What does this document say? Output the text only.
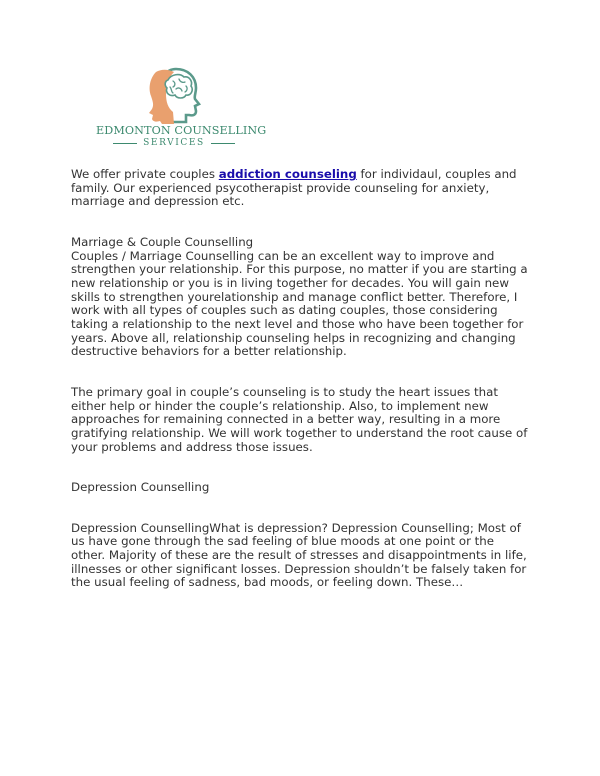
EDMONTON COUNSELLING
SERVICES

We offer private couples addiction counseling for individaul, couples and family. Our experienced psycotherapist provide counseling for anxiety, marriage and depression etc.

Marriage & Couple Counselling

Couples / Marriage Counselling can be an excellent way to improve and strengthen your relationship. For this purpose, no matter if you are starting a new relationship or you is in living together for decades. You will gain new skills to strengthen yourelationship and manage conflict better. Therefore, I work with all types of couples such as dating couples, those considering taking a relationship to the next level and those who have been together for years. Above all, relationship counseling helps in recognizing and changing destructive behaviors for a better relationship.

The primary goal in couple’s counseling is to study the heart issues that either help or hinder the couple’s relationship. Also, to implement new approaches for remaining connected in a better way, resulting in a more gratifying relationship. We will work together to understand the root cause of your problems and address those issues.

Depression Counselling

Depression CounsellingWhat is depression? Depression Counselling; Most of us have gone through the sad feeling of blue moods at one point or the other. Majority of these are the result of stresses and disappointments in life, illnesses or other significant losses. Depression shouldn’t be falsely taken for the usual feeling of sadness, bad moods, or feeling down. These…
